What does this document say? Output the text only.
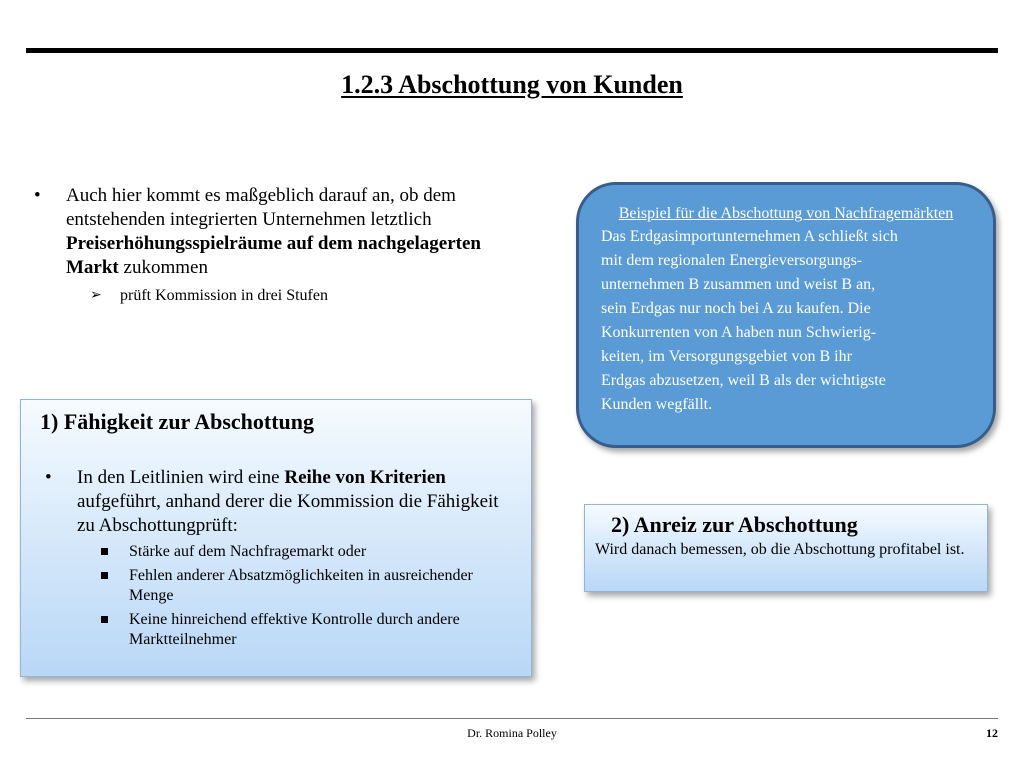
1.2.3 Abschottung von Kunden
• Auch hier kommt es maßgeblich darauf an, ob dem entstehenden integrierten Unternehmen letztlich Preiserhöhungsspielräume auf dem nachgelagerten Markt zukommen
➢ prüft Kommission in drei Stufen
Beispiel für die Abschottung von Nachfragemärkten
Das Erdgasimportunternehmen A schließt sich
mit dem regionalen Energieversorgungs-
unternehmen B zusammen und weist B an,
sein Erdgas nur noch bei A zu kaufen. Die
Konkurrenten von A haben nun Schwierig-
keiten, im Versorgungsgebiet von B ihr
Erdgas abzusetzen, weil B als der wichtigste
Kunden wegfällt.
1) Fähigkeit zur Abschottung
• In den Leitlinien wird eine Reihe von Kriterien aufgeführt, anhand derer die Kommission die Fähigkeit zu Abschottungprüft:
Stärke auf dem Nachfragemarkt oder
Fehlen anderer Absatzmöglichkeiten in ausreichender Menge
Keine hinreichend effektive Kontrolle durch andere Marktteilnehmer
2) Anreiz zur Abschottung
Wird danach bemessen, ob die Abschottung profitabel ist.
Dr. Romina Polley	12
